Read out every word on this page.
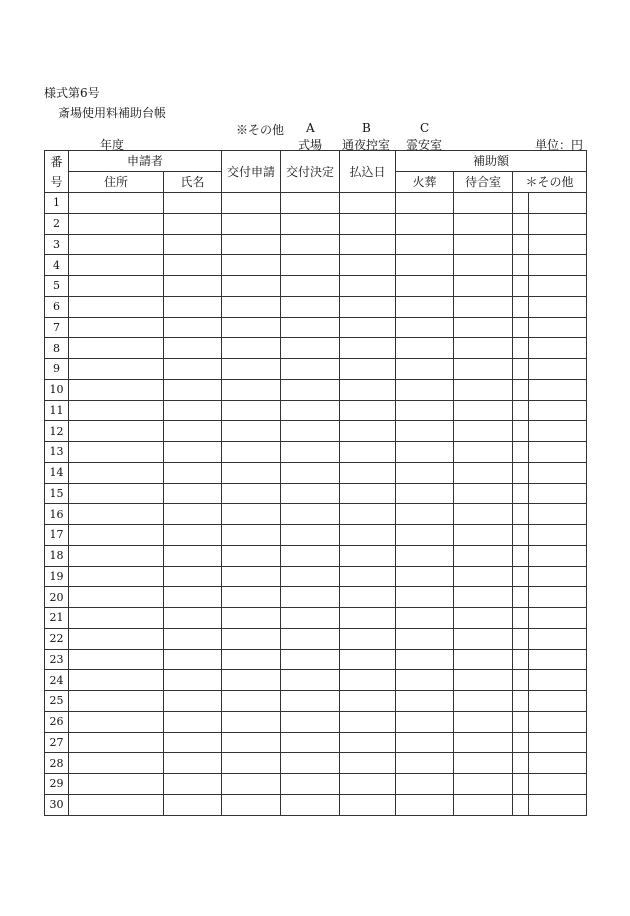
様式第6号
斎場使用料補助台帳
※その他 A
式場
B
通夜控室
C
霊安室
年度	単位：円
番
号	申請者		交付申請	交付決定	払込日	補助額			
	住所	氏名				火葬	待合室	＊その他	
1									
2									
3									
4									
5									
6									
7									
8									
9									
10									
11									
12									
13									
14									
15									
16									
17									
18									
19									
20									
21									
22									
23									
24									
25									
26									
27									
28									
29									
30									
